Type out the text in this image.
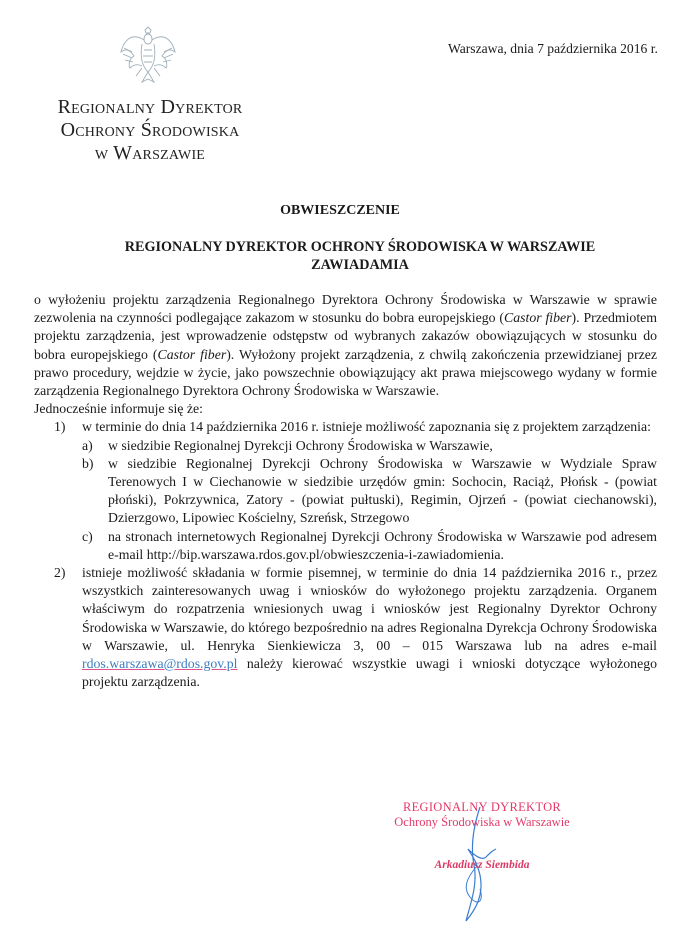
Warszawa, dnia 7 października 2016 r.
Regionalny Dyrektor
Ochrony Środowiska
w Warszawie
OBWIESZCZENIE
REGIONALNY DYREKTOR OCHRONY ŚRODOWISKA W WARSZAWIE
ZAWIADAMIA

o wyłożeniu projektu zarządzenia Regionalnego Dyrektora Ochrony Środowiska w Warszawie w sprawie zezwolenia na czynności podlegające zakazom w stosunku do bobra europejskiego (Castor fiber). Przedmiotem projektu zarządzenia, jest wprowadzenie odstępstw od wybranych zakazów obowiązujących w stosunku do bobra europejskiego (Castor fiber). Wyłożony projekt zarządzenia, z chwilą zakończenia przewidzianej przez prawo procedury, wejdzie w życie, jako powszechnie obowiązujący akt prawa miejscowego wydany w formie zarządzenia Regionalnego Dyrektora Ochrony Środowiska w Warszawie.

Jednocześnie informuje się że:

1)	w terminie do dnia 14 października 2016 r. istnieje możliwość zapoznania się z projektem zarządzenia:
a)	w siedzibie Regionalnej Dyrekcji Ochrony Środowiska w Warszawie,
b)	w siedzibie Regionalnej Dyrekcji Ochrony Środowiska w Warszawie w Wydziale Spraw Terenowych I w Ciechanowie w siedzibie urzędów gmin: Sochocin, Raciąż, Płońsk - (powiat płoński), Pokrzywnica, Zatory - (powiat pułtuski), Regimin, Ojrzeń - (powiat ciechanowski), Dzierzgowo, Lipowiec Kościelny, Szreńsk, Strzegowo
c)	na stronach internetowych Regionalnej Dyrekcji Ochrony Środowiska w Warszawie pod adresem e-mail http://bip.warszawa.rdos.gov.pl/obwieszczenia-i-zawiadomienia.
2)	istnieje możliwość składania w formie pisemnej, w terminie do dnia 14 października 2016 r., przez wszystkich zainteresowanych uwag i wniosków do wyłożonego projektu zarządzenia. Organem właściwym do rozpatrzenia wniesionych uwag i wniosków jest Regionalny Dyrektor Ochrony Środowiska w Warszawie, do którego bezpośrednio na adres Regionalna Dyrekcja Ochrony Środowiska w Warszawie, ul. Henryka Sienkiewicza 3, 00 – 015 Warszawa lub na adres e-mail rdos.warszawa@rdos.gov.pl należy kierować wszystkie uwagi i wnioski dotyczące wyłożonego projektu zarządzenia.
REGIONALNY DYREKTOR
Ochrony Środowiska w Warszawie
Arkadiusz Siembida
